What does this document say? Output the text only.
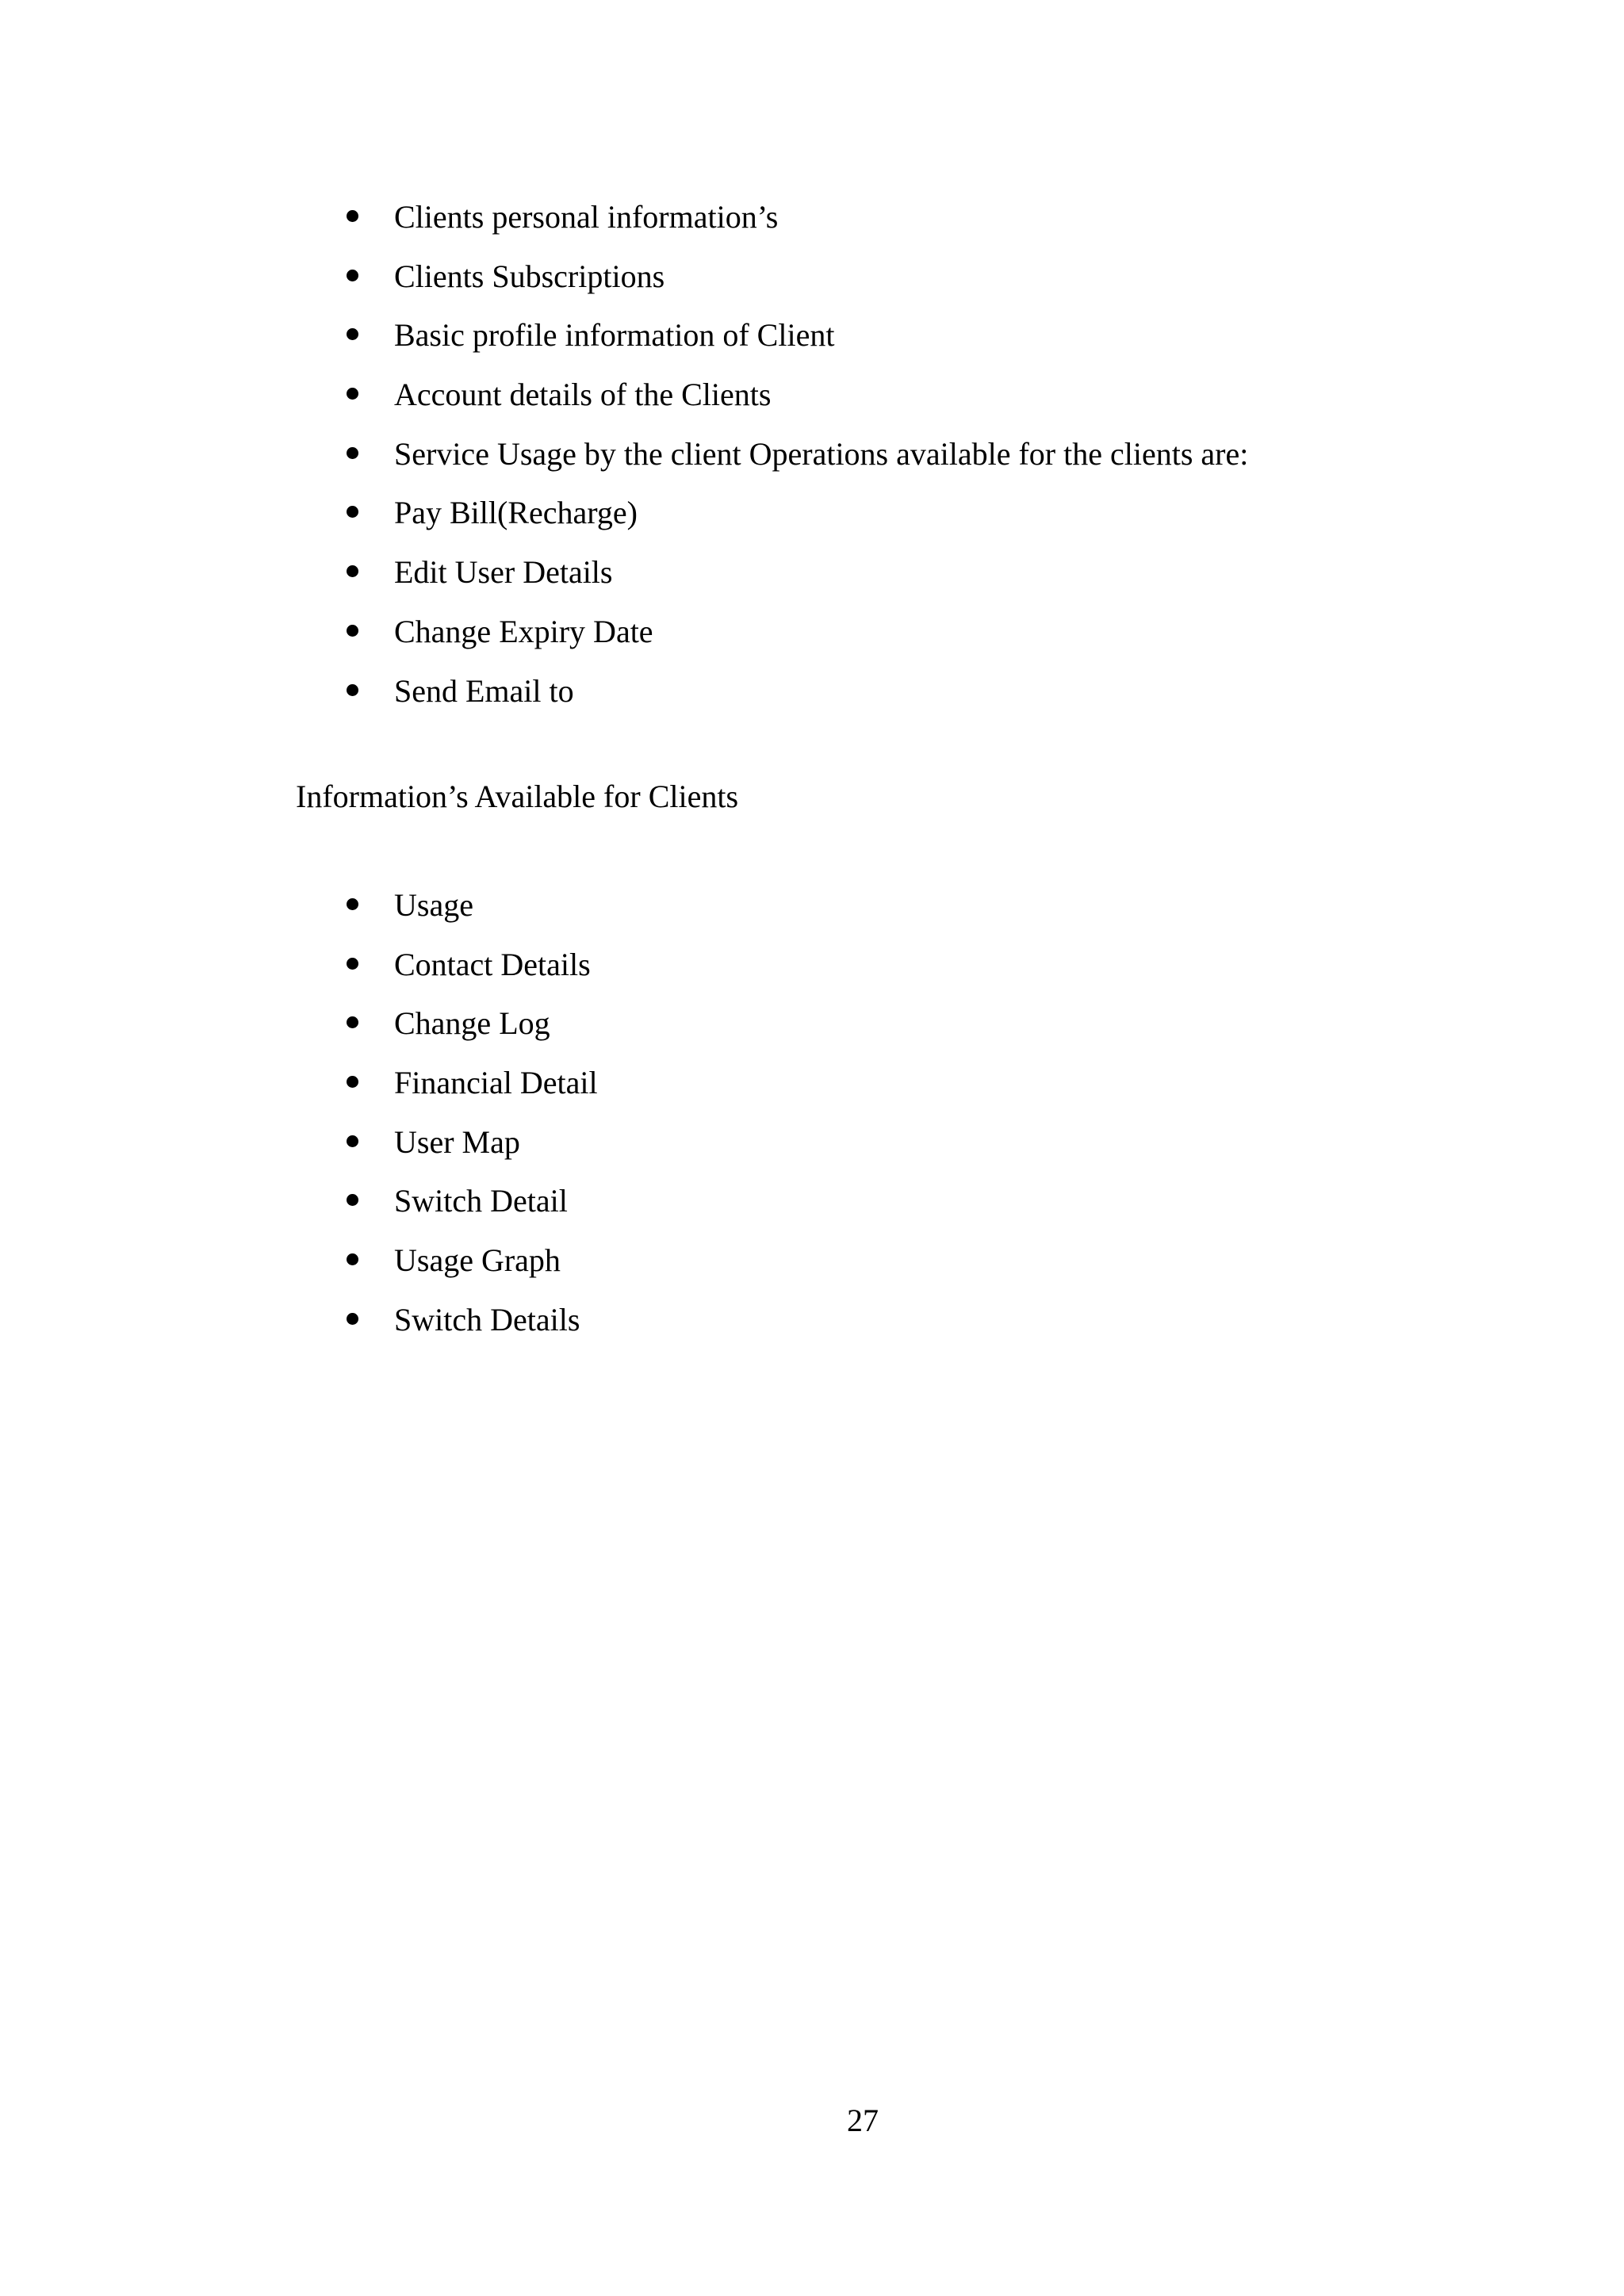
Clients personal information’s
Clients Subscriptions
Basic profile information of Client
Account details of the Clients
Service Usage by the client Operations available for the clients are:
Pay Bill(Recharge)
Edit User Details
Change Expiry Date
Send Email to
Information’s Available for Clients
Usage
Contact Details
Change Log
Financial Detail
User Map
Switch Detail
Usage Graph
Switch Details
27
